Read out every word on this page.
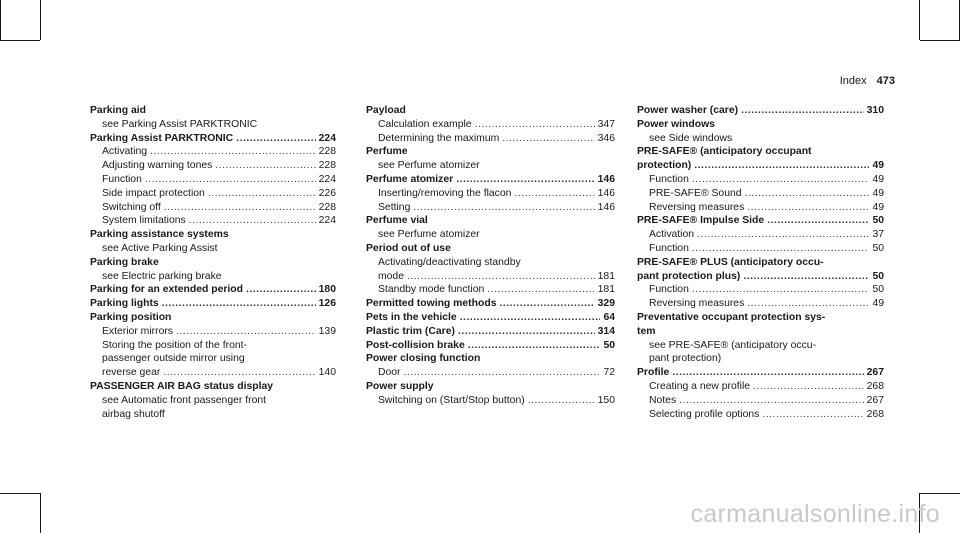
Index 473
Parking aid
see Parking Assist PARKTRONIC
Parking Assist PARKTRONIC .....	224
Activating .....	228
Adjusting warning tones .....	228
Function .....	224
Side impact protection .....	226
Switching off .....	228
System limitations .....	224
Parking assistance systems
see Active Parking Assist
Parking brake
see Electric parking brake
Parking for an extended period .....	180
Parking lights .....	126
Parking position
Exterior mirrors .....	139
Storing the position of the front-
passenger outside mirror using
reverse gear .....	140
PASSENGER AIR BAG status display
see Automatic front passenger front
airbag shutoff
Payload
Calculation example .....	347
Determining the maximum .....	346
Perfume
see Perfume atomizer
Perfume atomizer .....	146
Inserting/removing the flacon .....	146
Setting .....	146
Perfume vial
see Perfume atomizer
Period out of use
Activating/deactivating standby
mode .....	181
Standby mode function .....	181
Permitted towing methods .....	329
Pets in the vehicle .....	64
Plastic trim (Care) .....	314
Post-collision brake .....	50
Power closing function
Door .....	72
Power supply
Switching on (Start/Stop button) .....	150
Power washer (care) .....	310
Power windows
see Side windows
PRE-SAFE® (anticipatory occupant
protection) .....	49
Function .....	49
PRE-SAFE® Sound .....	49
Reversing measures .....	49
PRE-SAFE® Impulse Side .....	50
Activation .....	37
Function .....	50
PRE-SAFE® PLUS (anticipatory occu-
pant protection plus) .....	50
Function .....	50
Reversing measures .....	49
Preventative occupant protection sys-
tem
see PRE-SAFE® (anticipatory occu-
pant protection)
Profile .....	267
Creating a new profile .....	268
Notes .....	267
Selecting profile options .....	268
carmanualsonline.info
